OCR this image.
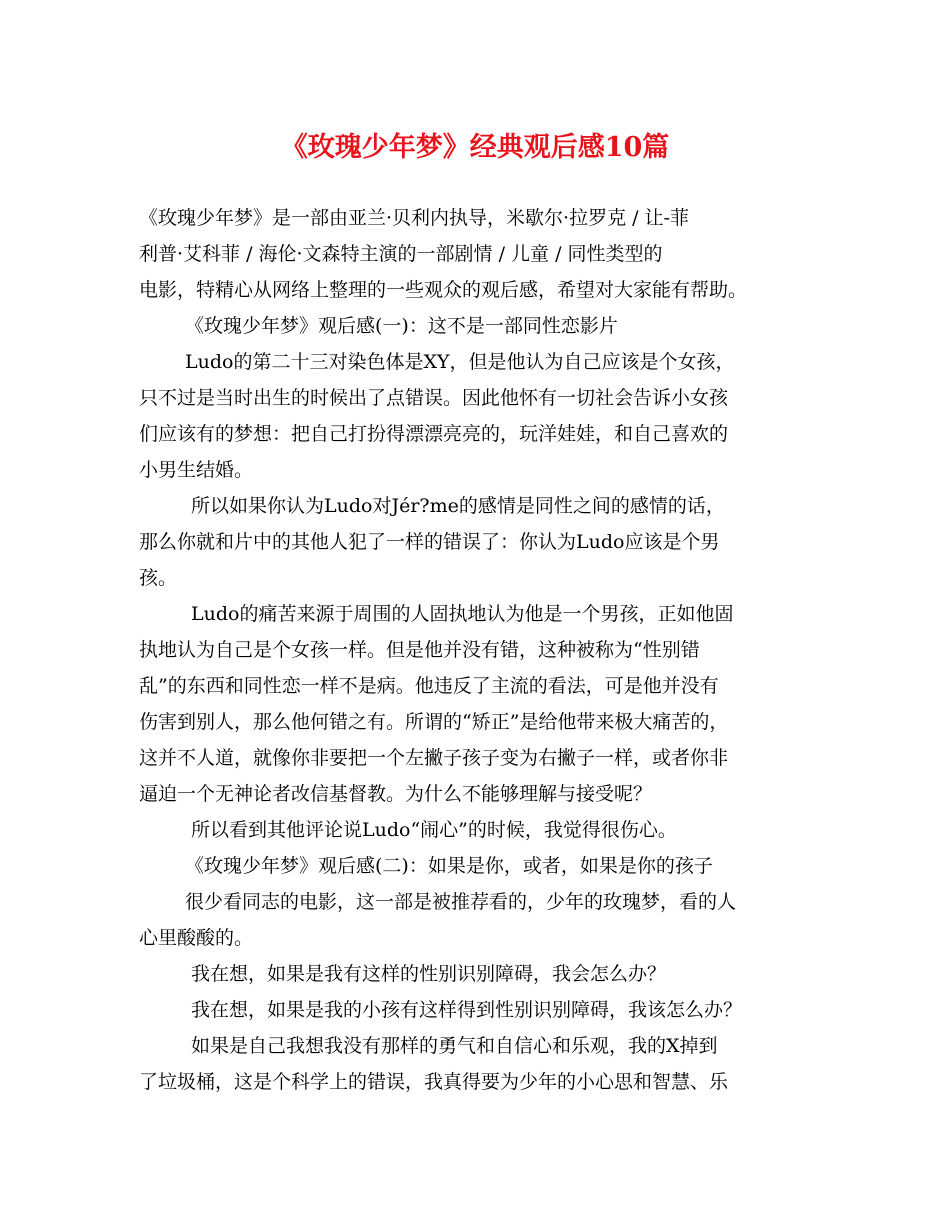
《玫瑰少年梦》经典观后感10篇
《玫瑰少年梦》是一部由亚兰·贝利内执导，米歇尔·拉罗克 / 让-菲
利普·艾科菲 / 海伦·文森特主演的一部剧情 / 儿童 / 同性类型的
电影，特精心从网络上整理的一些观众的观后感，希望对大家能有帮助。
《玫瑰少年梦》观后感(一)：这不是一部同性恋影片
Ludo的第二十三对染色体是XY，但是他认为自己应该是个女孩，
只不过是当时出生的时候出了点错误。因此他怀有一切社会告诉小女孩
们应该有的梦想：把自己打扮得漂漂亮亮的，玩洋娃娃，和自己喜欢的
小男生结婚。
所以如果你认为Ludo对Jér?me的感情是同性之间的感情的话，
那么你就和片中的其他人犯了一样的错误了：你认为Ludo应该是个男
孩。
Ludo的痛苦来源于周围的人固执地认为他是一个男孩，正如他固
执地认为自己是个女孩一样。但是他并没有错，这种被称为“性别错
乱”的东西和同性恋一样不是病。他违反了主流的看法，可是他并没有
伤害到别人，那么他何错之有。所谓的“矫正”是给他带来极大痛苦的，
这并不人道，就像你非要把一个左撇子孩子变为右撇子一样，或者你非
逼迫一个无神论者改信基督教。为什么不能够理解与接受呢？
所以看到其他评论说Ludo“闹心”的时候，我觉得很伤心。
《玫瑰少年梦》观后感(二)：如果是你，或者，如果是你的孩子
很少看同志的电影，这一部是被推荐看的，少年的玫瑰梦，看的人
心里酸酸的。
我在想，如果是我有这样的性别识别障碍，我会怎么办？
我在想，如果是我的小孩有这样得到性别识别障碍，我该怎么办？
如果是自己我想我没有那样的勇气和自信心和乐观，我的X掉到
了垃圾桶，这是个科学上的错误，我真得要为少年的小心思和智慧、乐
